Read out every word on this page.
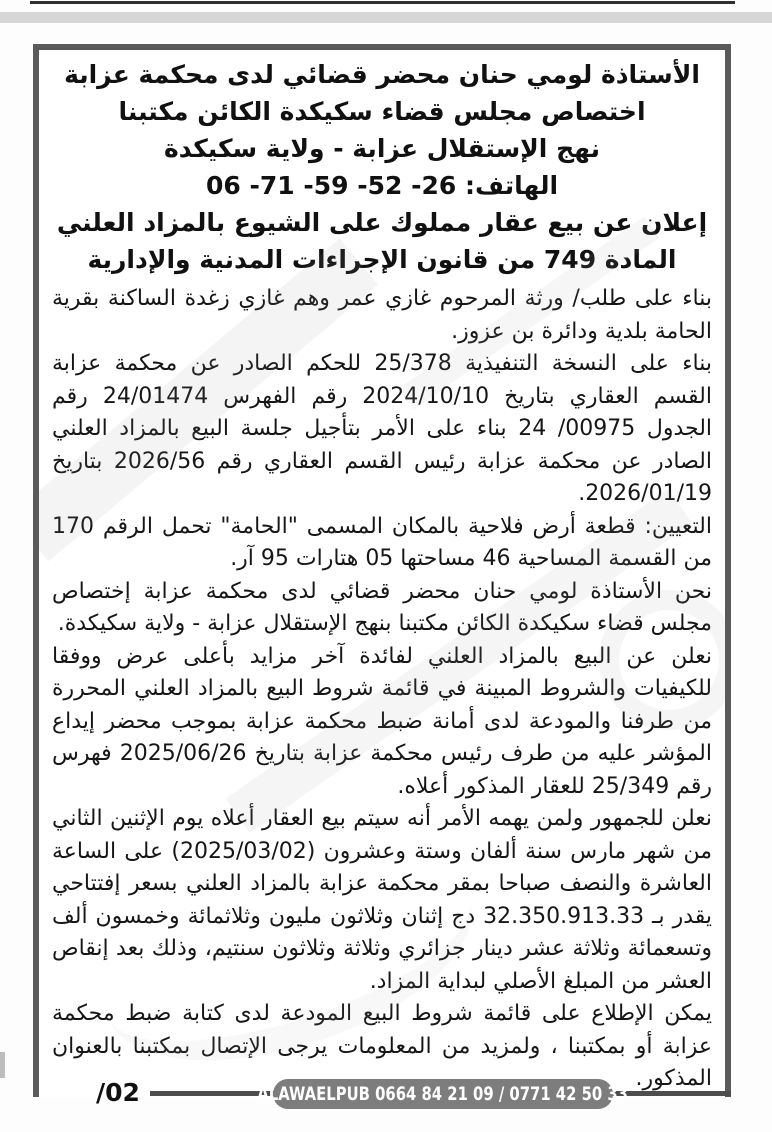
الأستاذة لومي حنان محضر قضائي لدى محكمة عزابة
اختصاص مجلس قضاء سكيكدة الكائن مكتبنا
نهج الإستقلال عزابة - ولاية سكيكدة
الهاتف: 26- 52- 59- 71- 06
إعلان عن بيع عقار مملوك على الشيوع بالمزاد العلني
المادة 749 من قانون الإجراءات المدنية والإدارية

بناء على طلب/ ورثة المرحوم غازي عمر وهم غازي زغدة الساكنة بقرية الحامة بلدية ودائرة بن عزوز.

بناء على النسخة التنفيذية 25/378 للحكم الصادر عن محكمة عزابة القسم العقاري بتاريخ 2024/10/10 رقم الفهرس 24/01474 رقم الجدول 00975/ 24 بناء على الأمر بتأجيل جلسة البيع بالمزاد العلني الصادر عن محكمة عزابة رئيس القسم العقاري رقم 2026/56 بتاريخ 2026/01/19.

التعيين: قطعة أرض فلاحية بالمكان المسمى "الحامة" تحمل الرقم 170 من القسمة المساحية 46 مساحتها 05 هتارات 95 آر.

نحن الأستاذة لومي حنان محضر قضائي لدى محكمة عزابة إختصاص مجلس قضاء سكيكدة الكائن مكتبنا بنهج الإستقلال عزابة - ولاية سكيكدة.

نعلن عن البيع بالمزاد العلني لفائدة آخر مزايد بأعلى عرض ووفقا للكيفيات والشروط المبينة في قائمة شروط البيع بالمزاد العلني المحررة من طرفنا والمودعة لدى أمانة ضبط محكمة عزابة بموجب محضر إيداع المؤشر عليه من طرف رئيس محكمة عزابة بتاريخ 2025/06/26 فهرس رقم 25/349 للعقار المذكور أعلاه.

نعلن للجمهور ولمن يهمه الأمر أنه سيتم بيع العقار أعلاه يوم الإثنين الثاني من شهر مارس سنة ألفان وستة وعشرون (2025/03/02) على الساعة العاشرة والنصف صباحا بمقر محكمة عزابة بالمزاد العلني بسعر إفتتاحي يقدر بـ 32.350.913.33 دج إثنان وثلاثون مليون وثلاثمائة وخمسون ألف وتسعمائة وثلاثة عشر دينار جزائري وثلاثة وثلاثون سنتيم، وذلك بعد إنقاص العشر من المبلغ الأصلي لبداية المزاد.

يمكن الإطلاع على قائمة شروط البيع المودعة لدى كتابة ضبط محكمة عزابة أو بمكتبنا ، ولمزيد من المعلومات يرجى الإتصال بمكتبنا بالعنوان المذكور.

/02	ALAWAELPUB 0664 84 21 09 / 0771 42 50 33
